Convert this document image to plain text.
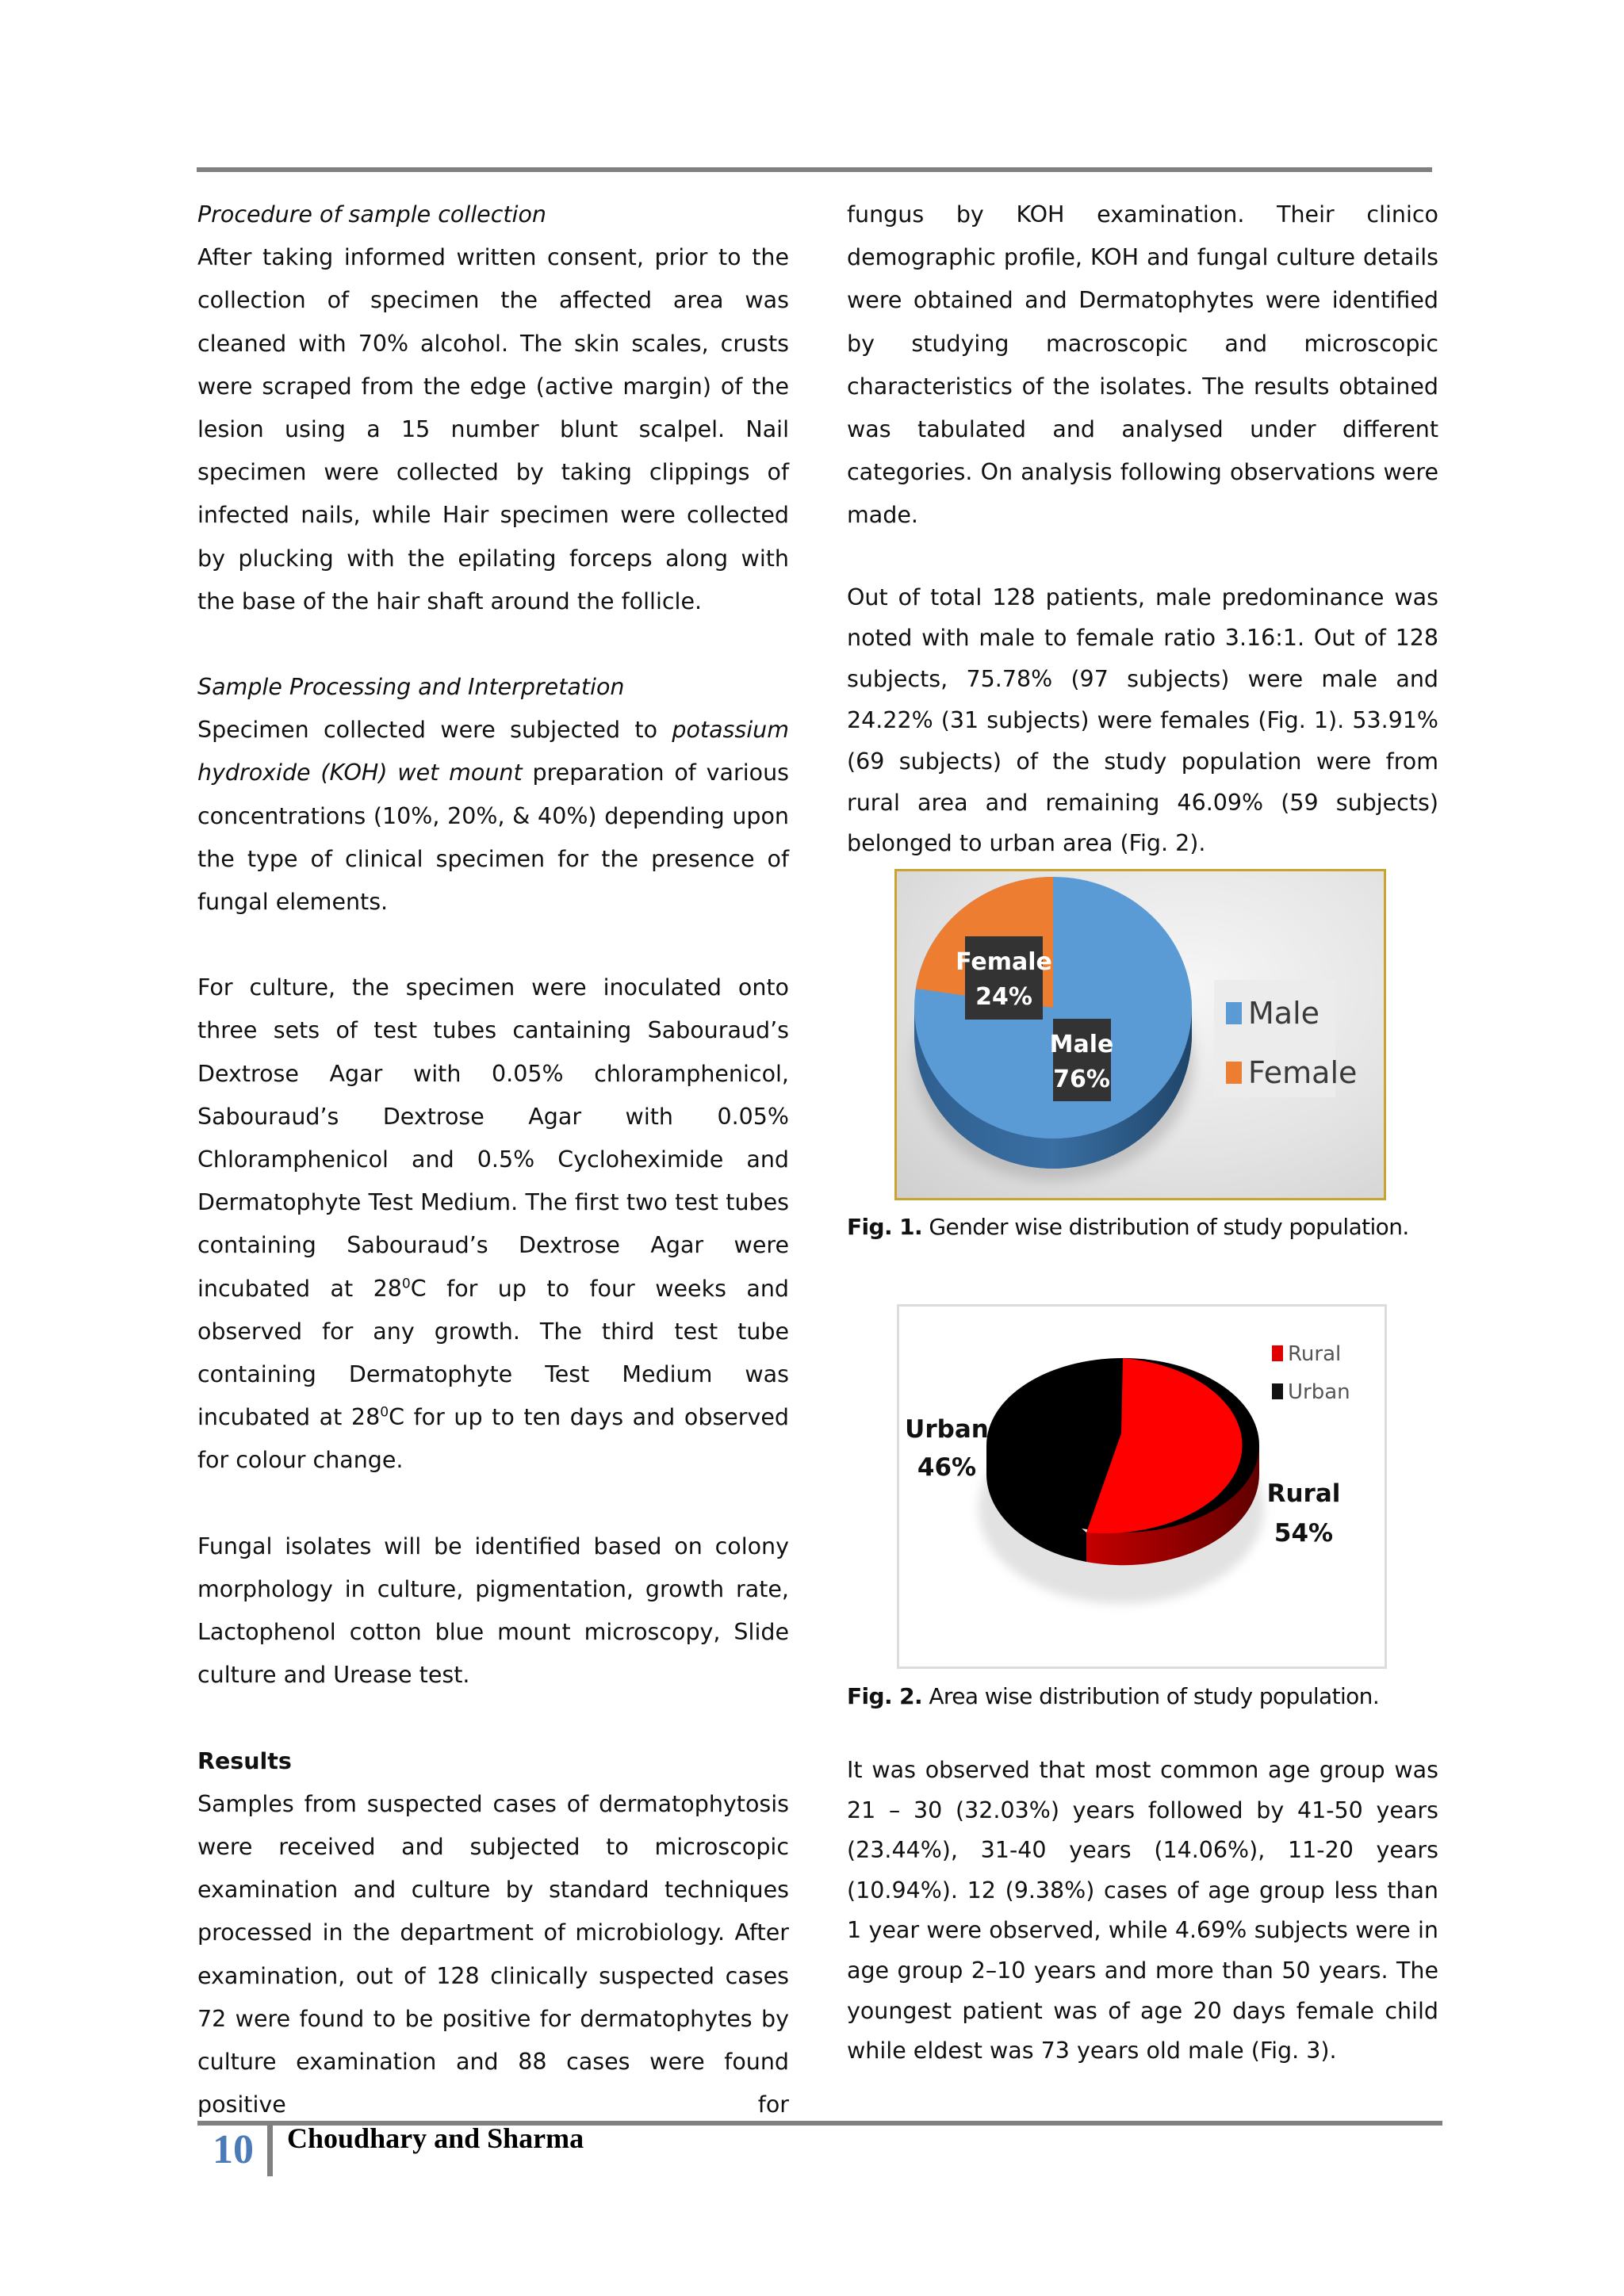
Procedure of sample collection

After taking informed written consent, prior to the collection of specimen the affected area was cleaned with 70% alcohol. The skin scales, crusts were scraped from the edge (active margin) of the lesion using a 15 number blunt scalpel. Nail specimen were collected by taking clippings of infected nails, while Hair specimen were collected by plucking with the epilating forceps along with the base of the hair shaft around the follicle.

Sample Processing and Interpretation

Specimen collected were subjected to potassium hydroxide (KOH) wet mount preparation of various concentrations (10%, 20%, & 40%) depending upon the type of clinical specimen for the presence of fungal elements.

For culture, the specimen were inoculated onto three sets of test tubes cantaining Sabouraud’s Dextrose Agar with 0.05% chloramphenicol, Sabouraud’s Dextrose Agar with 0.05% Chloramphenicol and 0.5% Cycloheximide and Dermatophyte Test Medium. The first two test tubes containing Sabouraud’s Dextrose Agar were incubated at $28^0C$ for up to four weeks and observed for any growth. The third test tube containing Dermatophyte Test Medium was incubated at $28^0C$ for up to ten days and observed for colour change.

Fungal isolates will be identified based on colony morphology in culture, pigmentation, growth rate, Lactophenol cotton blue mount microscopy, Slide culture and Urease test.

Results

Samples from suspected cases of dermatophytosis were received and subjected to microscopic examination and culture by standard techniques processed in the department of microbiology. After examination, out of 128 clinically suspected cases 72 were found to be positive for dermatophytes by culture examination and 88 cases were found positive for

fungus by KOH examination. Their clinico demographic profile, KOH and fungal culture details were obtained and Dermatophytes were identified by studying macroscopic and microscopic characteristics of the isolates. The results obtained was tabulated and analysed under different categories. On analysis following observations were made.

Out of total 128 patients, male predominance was noted with male to female ratio 3.16:1. Out of 128 subjects, 75.78% (97 subjects) were male and 24.22% (31 subjects) were females (Fig. 1). 53.91% (69 subjects) of the study population were from rural area and remaining 46.09% (59 subjects) belonged to urban area (Fig. 2).

Female
24%
Male
76%
Male
Female
Fig. 1. Gender wise distribution of study population.
Urban
46%
Rural
54%
Rural
Urban
Fig. 2. Area wise distribution of study population.

It was observed that most common age group was 21 – 30 (32.03%) years followed by 41-50 years (23.44%), 31-40 years (14.06%), 11-20 years (10.94%). 12 (9.38%) cases of age group less than 1 year were observed, while 4.69% subjects were in age group 2–10 years and more than 50 years. The youngest patient was of age 20 days female child while eldest was 73 years old male (Fig. 3).

10 Choudhary and Sharma
